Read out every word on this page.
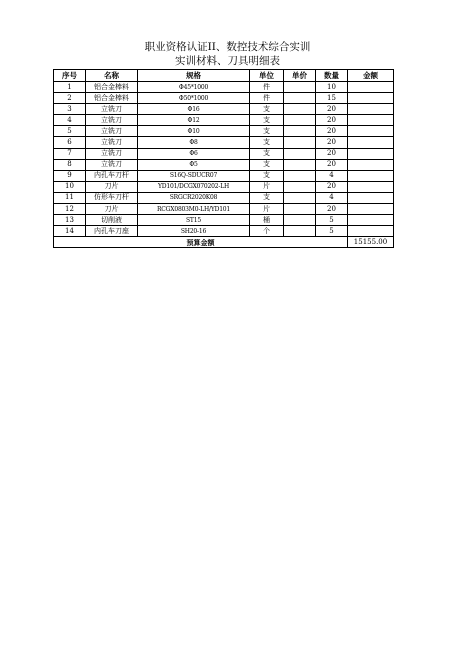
职业资格认证II、数控技术综合实训
实训材料、刀具明细表
序号	名称	规格	单位	单价	数量	金额
1	铝合金棒料	Φ45*1000	件		10	
2	铝合金棒料	Φ50*1000	件		15	
3	立铣刀	Φ16	支		20	
4	立铣刀	Φ12	支		20	
5	立铣刀	Φ10	支		20	
6	立铣刀	Φ8	支		20	
7	立铣刀	Φ6	支		20	
8	立铣刀	Φ5	支		20	
9	内孔车刀杆	S16Q-SDUCR07	支		4	
10	刀片	YD101/DCGX070202-LH	片		20	
11	仿形车刀杆	SRGCR2020K08	支		4	
12	刀片	RCGX0803M0-LH/YD101	片		20	
13	切削液	ST15	桶		5	
14	内孔车刀座	SH20-16	个		5	
预算金额						15155.00
